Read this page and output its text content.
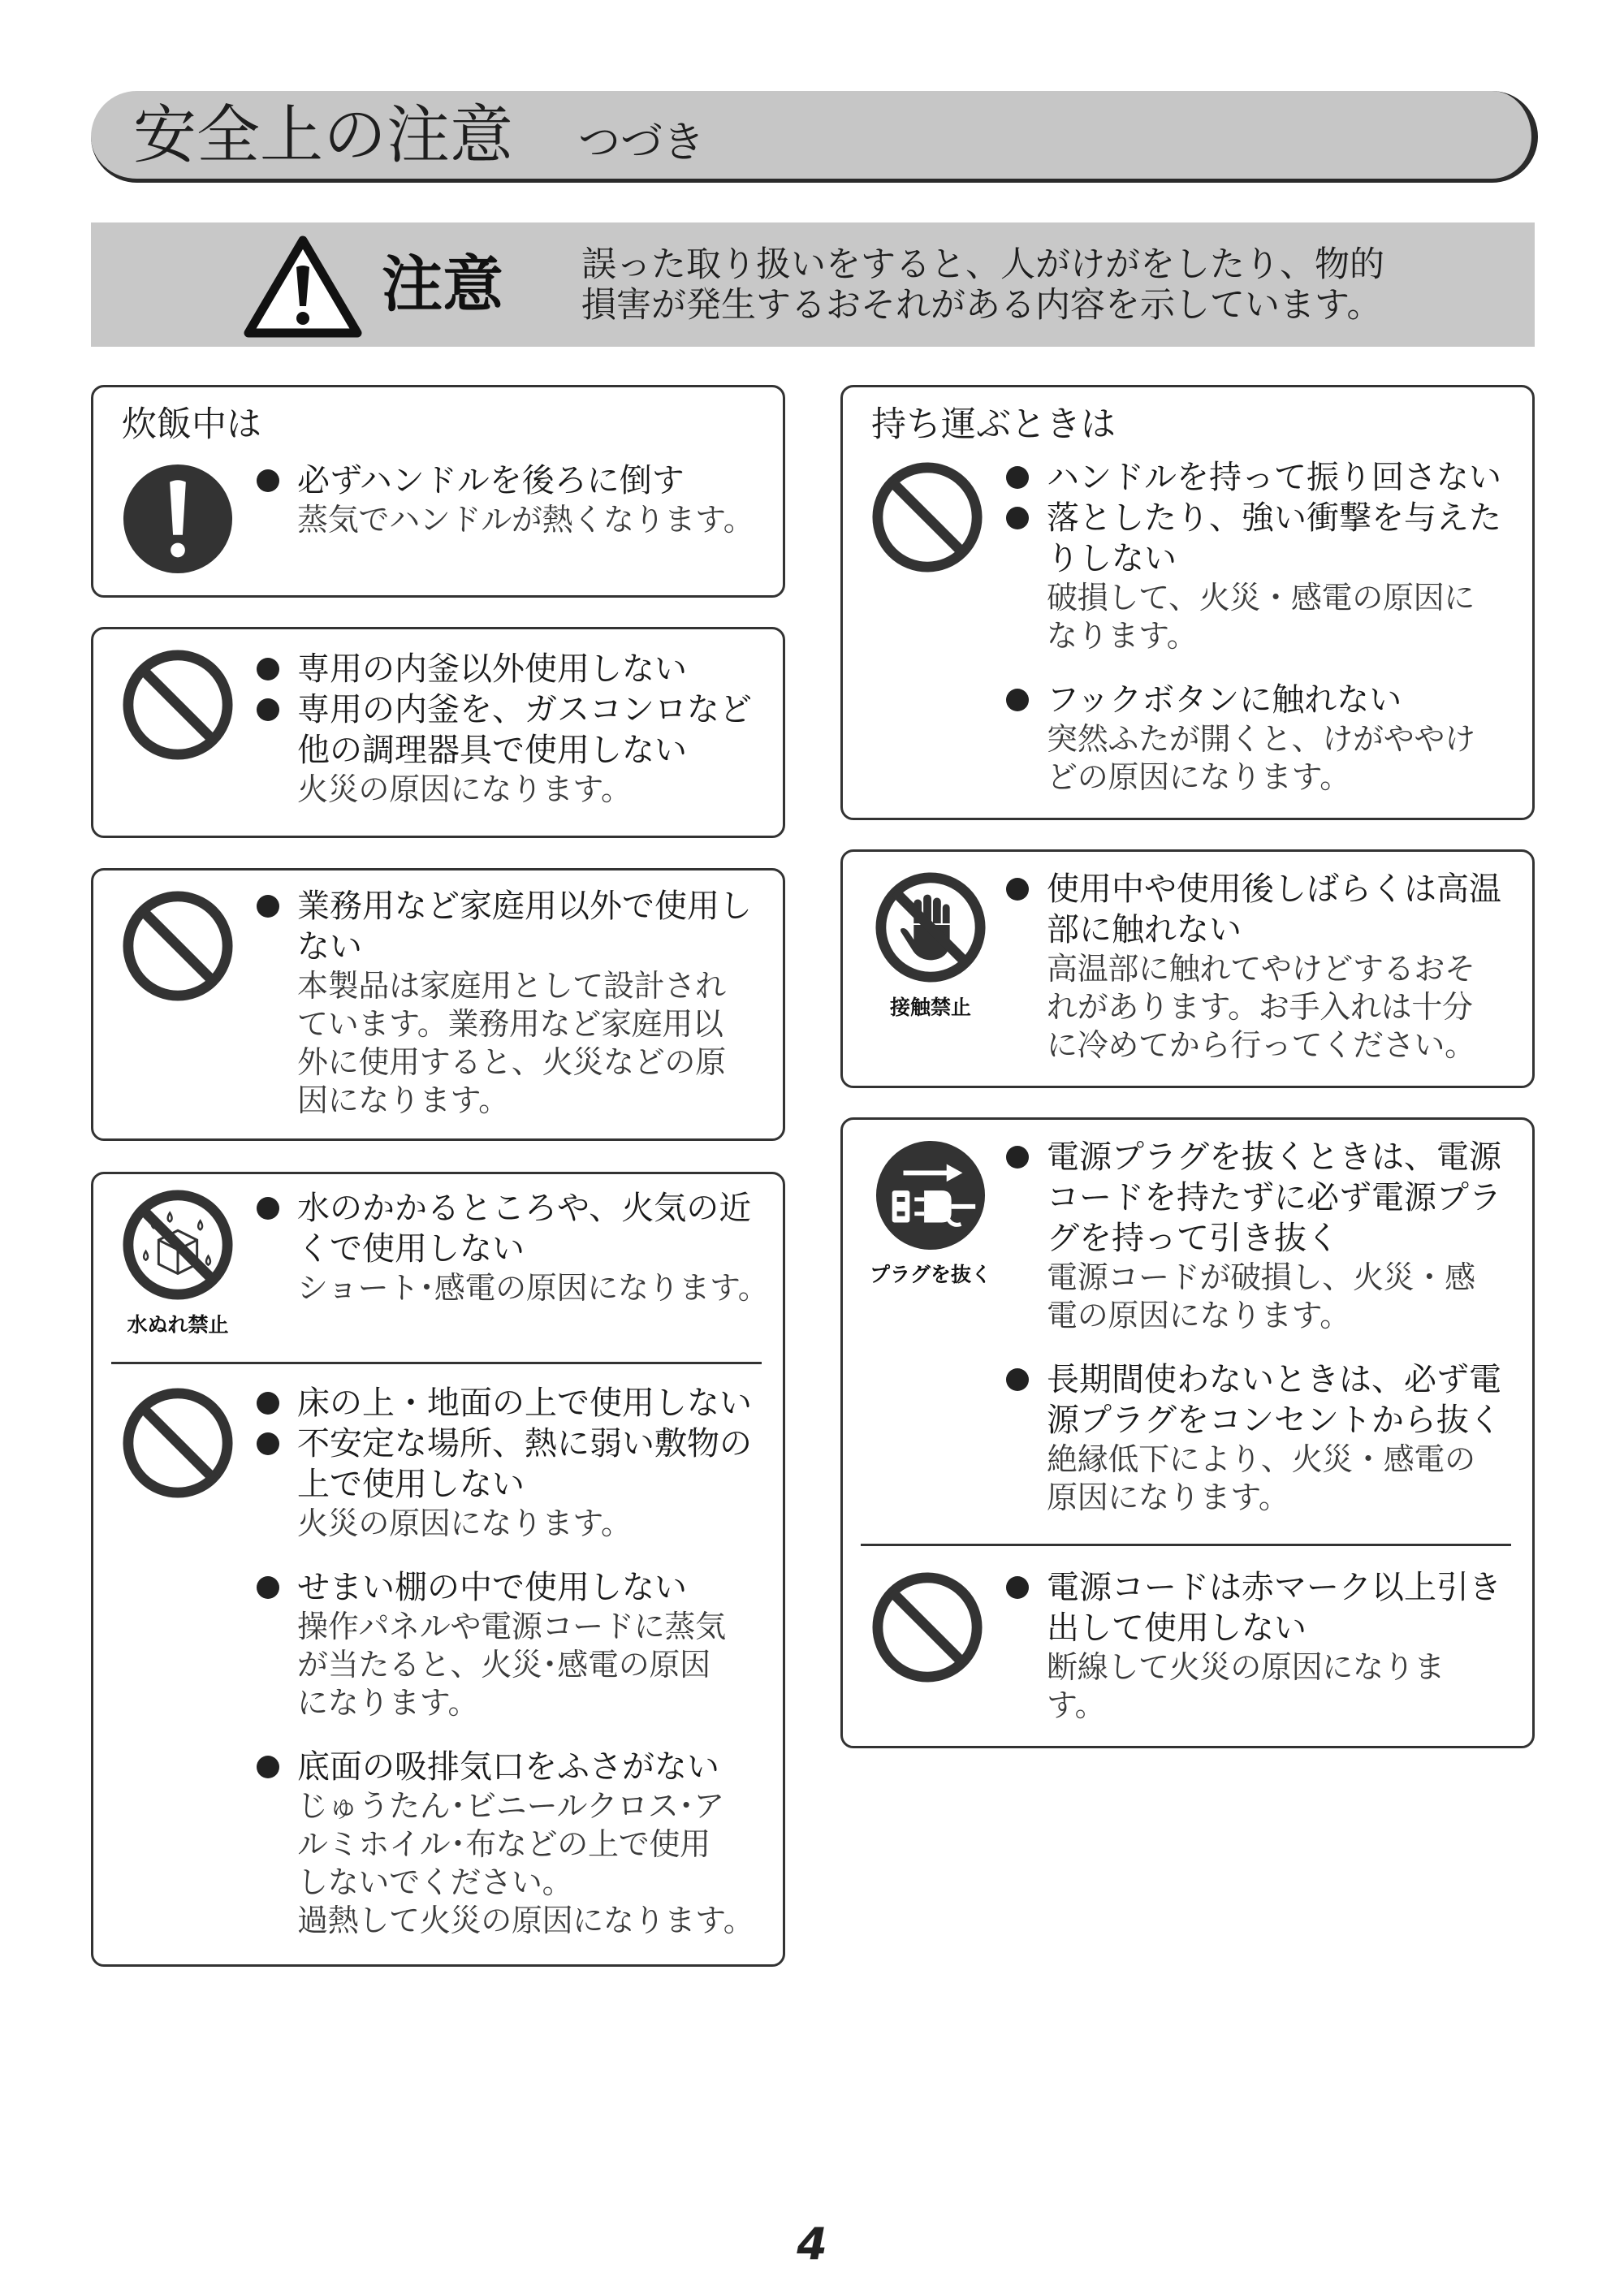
安全上の注意 つづき
注意 誤った取り扱いをすると、人がけがをしたり、物的
損害が発生するおそれがある内容を示しています。
炊飯中は
必ずハンドルを後ろに倒す
蒸気でハンドルが熱くなります。
専用の内釜以外使用しない
専用の内釜を、ガスコンロなど
他の調理器具で使用しない
火災の原因になります。
業務用など家庭用以外で使用し
ない
本製品は家庭用として設計され
ています。業務用など家庭用以
外に使用すると、火災などの原
因になります。
水ぬれ禁止
水のかかるところや、火気の近
くで使用しない
ショート･感電の原因になります。
床の上・地面の上で使用しない
不安定な場所、熱に弱い敷物の
上で使用しない
火災の原因になります。
せまい棚の中で使用しない
操作パネルや電源コードに蒸気
が当たると、火災･感電の原因
になります。
底面の吸排気口をふさがない
じゅうたん･ビニールクロス･ア
ルミホイル･布などの上で使用
しないでください。
過熱して火災の原因になります。
持ち運ぶときは
ハンドルを持って振り回さない
落としたり、強い衝撃を与えた
りしない
破損して、火災・感電の原因に
なります。
フックボタンに触れない
突然ふたが開くと、けがややけ
どの原因になります。
接触禁止
使用中や使用後しばらくは高温
部に触れない
高温部に触れてやけどするおそ
れがあります。お手入れは十分
に冷めてから行ってください。
プラグを抜く
電源プラグを抜くときは、電源
コードを持たずに必ず電源プラ
グを持って引き抜く
電源コードが破損し、火災・感
電の原因になります。
長期間使わないときは、必ず電
源プラグをコンセントから抜く
絶縁低下により、火災・感電の
原因になります。
電源コードは赤マーク以上引き
出して使用しない
断線して火災の原因になりま
す。
4
